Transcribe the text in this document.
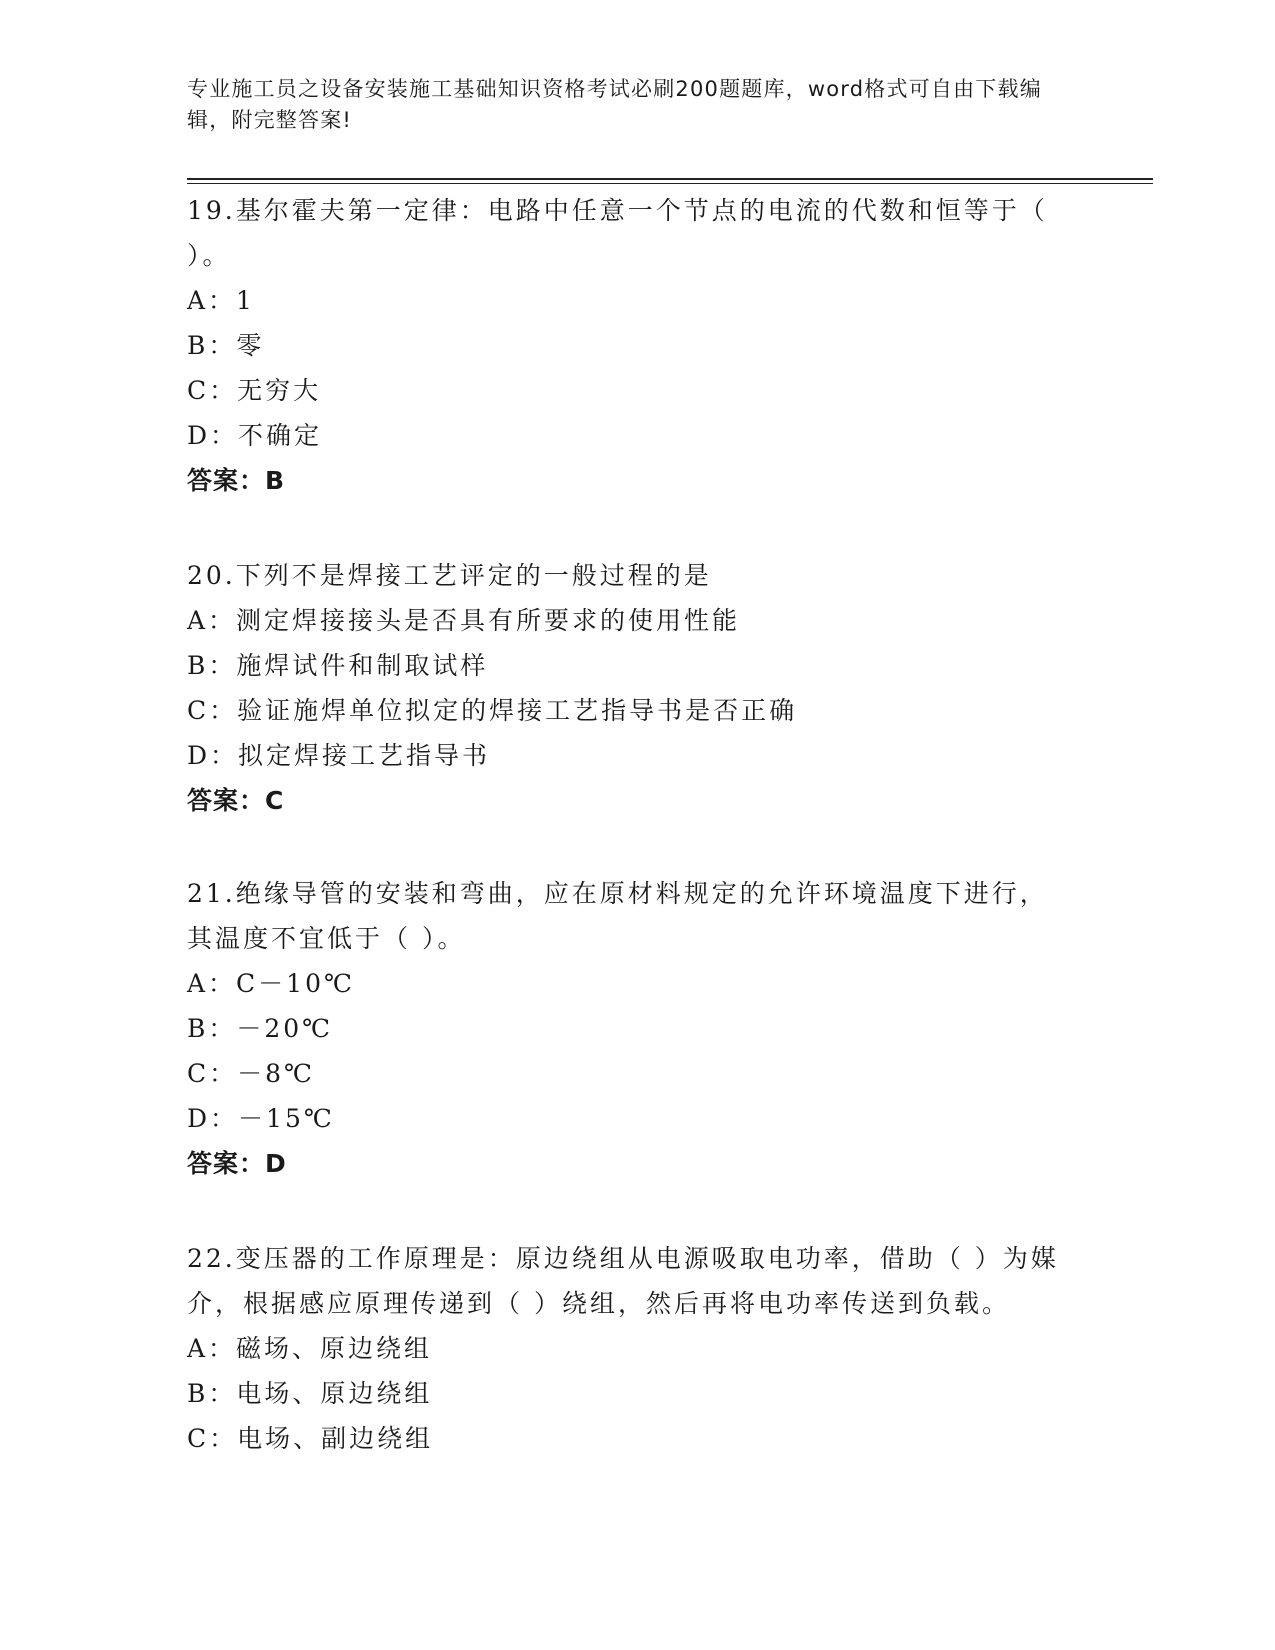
专业施工员之设备安装施工基础知识资格考试必刷200题题库，word格式可自由下载编辑，附完整答案!

19.基尔霍夫第一定律：电路中任意一个节点的电流的代数和恒等于（ ）。

A：1

B：零

C：无穷大

D：不确定

答案：B

20.下列不是焊接工艺评定的一般过程的是

A：测定焊接接头是否具有所要求的使用性能

B：施焊试件和制取试样

C：验证施焊单位拟定的焊接工艺指导书是否正确

D：拟定焊接工艺指导书

答案：C

21.绝缘导管的安装和弯曲，应在原材料规定的允许环境温度下进行，其温度不宜低于（ ）。

A：C－10℃

B：－20℃

C：－8℃

D：－15℃

答案：D

22.变压器的工作原理是：原边绕组从电源吸取电功率，借助（ ）为媒介，根据感应原理传递到（ ）绕组，然后再将电功率传送到负载。

A：磁场、原边绕组

B：电场、原边绕组

C：电场、副边绕组
